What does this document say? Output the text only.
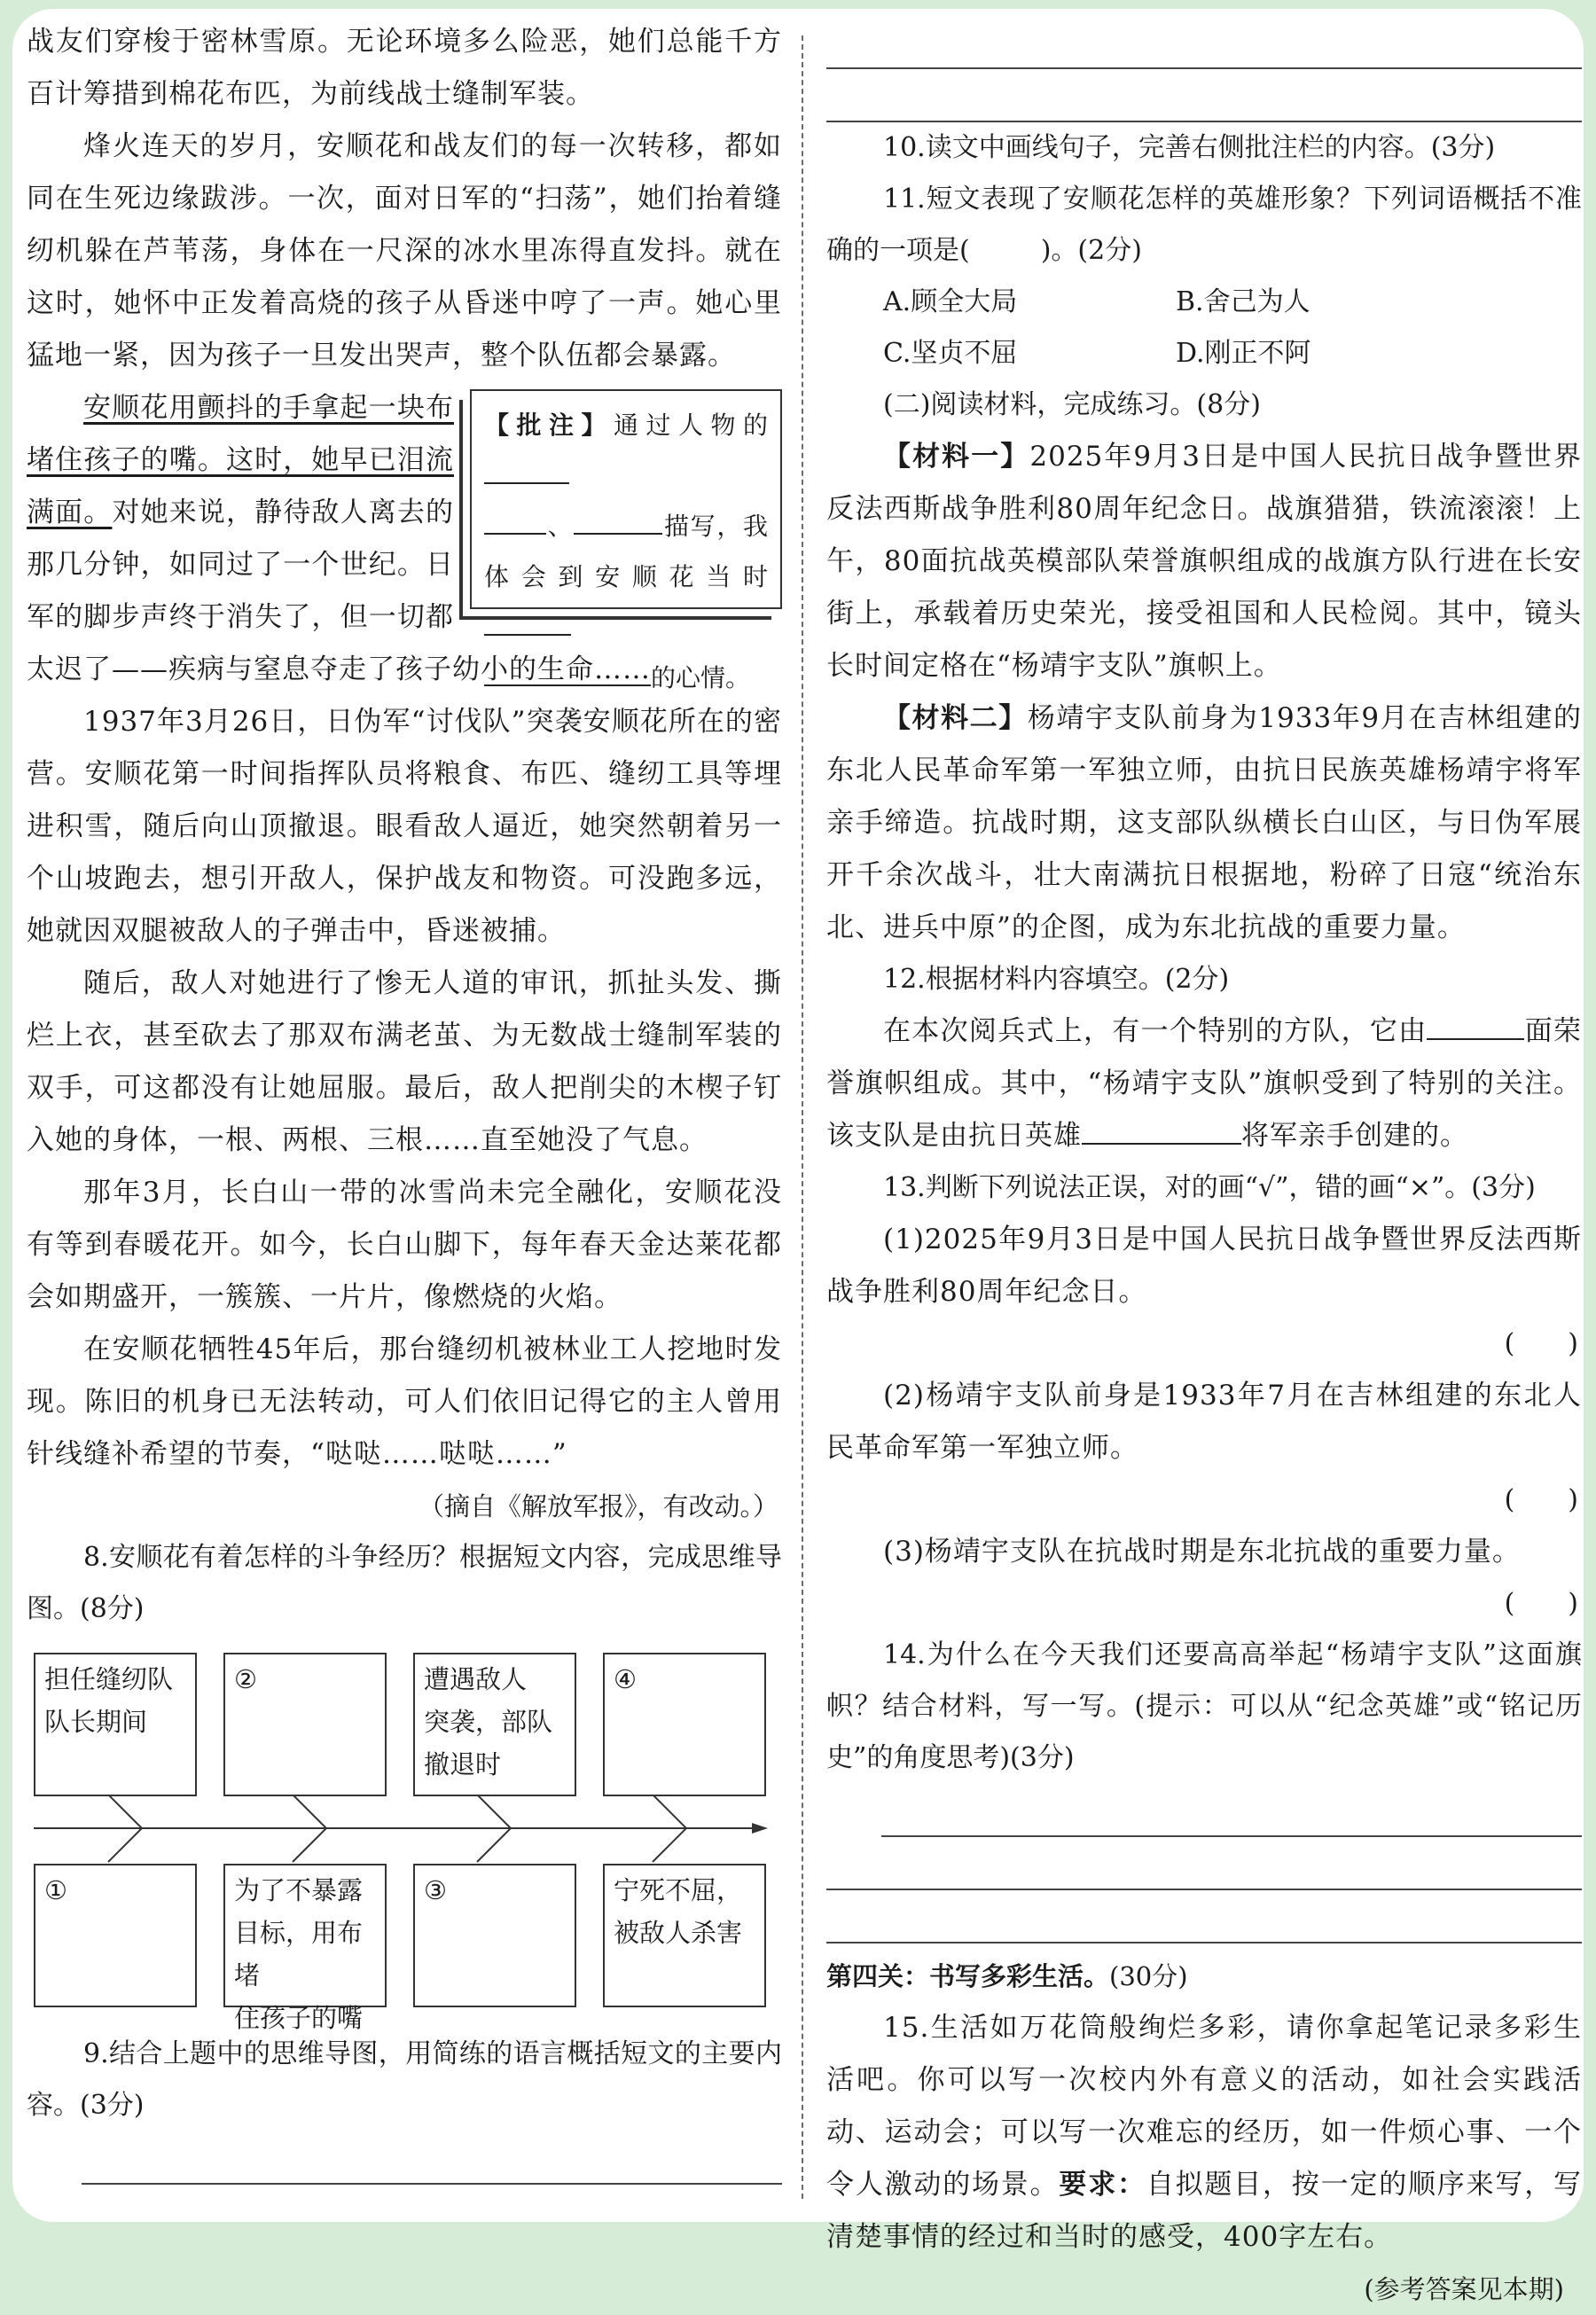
战友们穿梭于密林雪原。无论环境多么险恶，她们总能千方百计筹措到棉花布匹，为前线战士缝制军装。

烽火连天的岁月，安顺花和战友们的每一次转移，都如同在生死边缘跋涉。一次，面对日军的“扫荡”，她们抬着缝纫机躲在芦苇荡，身体在一尺深的冰水里冻得直发抖。就在这时，她怀中正发着高烧的孩子从昏迷中哼了一声。她心里猛地一紧，因为孩子一旦发出哭声，整个队伍都会暴露。

【批注】通过人物的
、	描写，我体会到安顺花当时
的心情。

安顺花用颤抖的手拿起一块布堵住孩子的嘴。这时，她早已泪流满面。对她来说，静待敌人离去的那几分钟，如同过了一个世纪。日军的脚步声终于消失了，但一切都太迟了——疾病与窒息夺走了孩子幼小的生命……

1937年3月26日，日伪军“讨伐队”突袭安顺花所在的密营。安顺花第一时间指挥队员将粮食、布匹、缝纫工具等埋进积雪，随后向山顶撤退。眼看敌人逼近，她突然朝着另一个山坡跑去，想引开敌人，保护战友和物资。可没跑多远，她就因双腿被敌人的子弹击中，昏迷被捕。

随后，敌人对她进行了惨无人道的审讯，抓扯头发、撕烂上衣，甚至砍去了那双布满老茧、为无数战士缝制军装的双手，可这都没有让她屈服。最后，敌人把削尖的木楔子钉入她的身体，一根、两根、三根……直至她没了气息。

那年3月，长白山一带的冰雪尚未完全融化，安顺花没有等到春暖花开。如今，长白山脚下，每年春天金达莱花都会如期盛开，一簇簇、一片片，像燃烧的火焰。

在安顺花牺牲45年后，那台缝纫机被林业工人挖地时发现。陈旧的机身已无法转动，可人们依旧记得它的主人曾用针线缝补希望的节奏，“哒哒……哒哒……”

（摘自《解放军报》，有改动。）

8.安顺花有着怎样的斗争经历？根据短文内容，完成思维导图。(8分)

担任缝纫队
队长期间
②	遭遇敌人
突袭，部队
撤退时
④
①	为了不暴露
目标，用布堵
住孩子的嘴
③	宁死不屈，
被敌人杀害

9.结合上题中的思维导图，用简练的语言概括短文的主要内容。(3分)

10.读文中画线句子，完善右侧批注栏的内容。(3分)

11.短文表现了安顺花怎样的英雄形象？下列词语概括不准确的一项是(	)。(2分)

A.顾全大局	B.舍己为人
C.坚贞不屈	D.刚正不阿

(二)阅读材料，完成练习。(8分)

【材料一】2025年9月3日是中国人民抗日战争暨世界反法西斯战争胜利80周年纪念日。战旗猎猎，铁流滚滚！上午，80面抗战英模部队荣誉旗帜组成的战旗方队行进在长安街上，承载着历史荣光，接受祖国和人民检阅。其中，镜头长时间定格在“杨靖宇支队”旗帜上。

【材料二】杨靖宇支队前身为1933年9月在吉林组建的东北人民革命军第一军独立师，由抗日民族英雄杨靖宇将军亲手缔造。抗战时期，这支部队纵横长白山区，与日伪军展开千余次战斗，壮大南满抗日根据地，粉碎了日寇“统治东北、进兵中原”的企图，成为东北抗战的重要力量。

12.根据材料内容填空。(2分)

在本次阅兵式上，有一个特别的方队，它由	面荣誉旗帜组成。其中，“杨靖宇支队”旗帜受到了特别的关注。该支队是由抗日英雄	将军亲手创建的。

13.判断下列说法正误，对的画“√”，错的画“×”。(3分)

(1)2025年9月3日是中国人民抗日战争暨世界反法西斯战争胜利80周年纪念日。

(　　)

(2)杨靖宇支队前身是1933年7月在吉林组建的东北人民革命军第一军独立师。

(　　)

(3)杨靖宇支队在抗战时期是东北抗战的重要力量。

(　　)

14.为什么在今天我们还要高高举起“杨靖宇支队”这面旗帜？结合材料，写一写。(提示：可以从“纪念英雄”或“铭记历史”的角度思考)(3分)

第四关：书写多彩生活。(30分)

15.生活如万花筒般绚烂多彩，请你拿起笔记录多彩生活吧。你可以写一次校内外有意义的活动，如社会实践活动、运动会；可以写一次难忘的经历，如一件烦心事、一个令人激动的场景。要求：自拟题目，按一定的顺序来写，写清楚事情的经过和当时的感受，400字左右。

(参考答案见本期)
